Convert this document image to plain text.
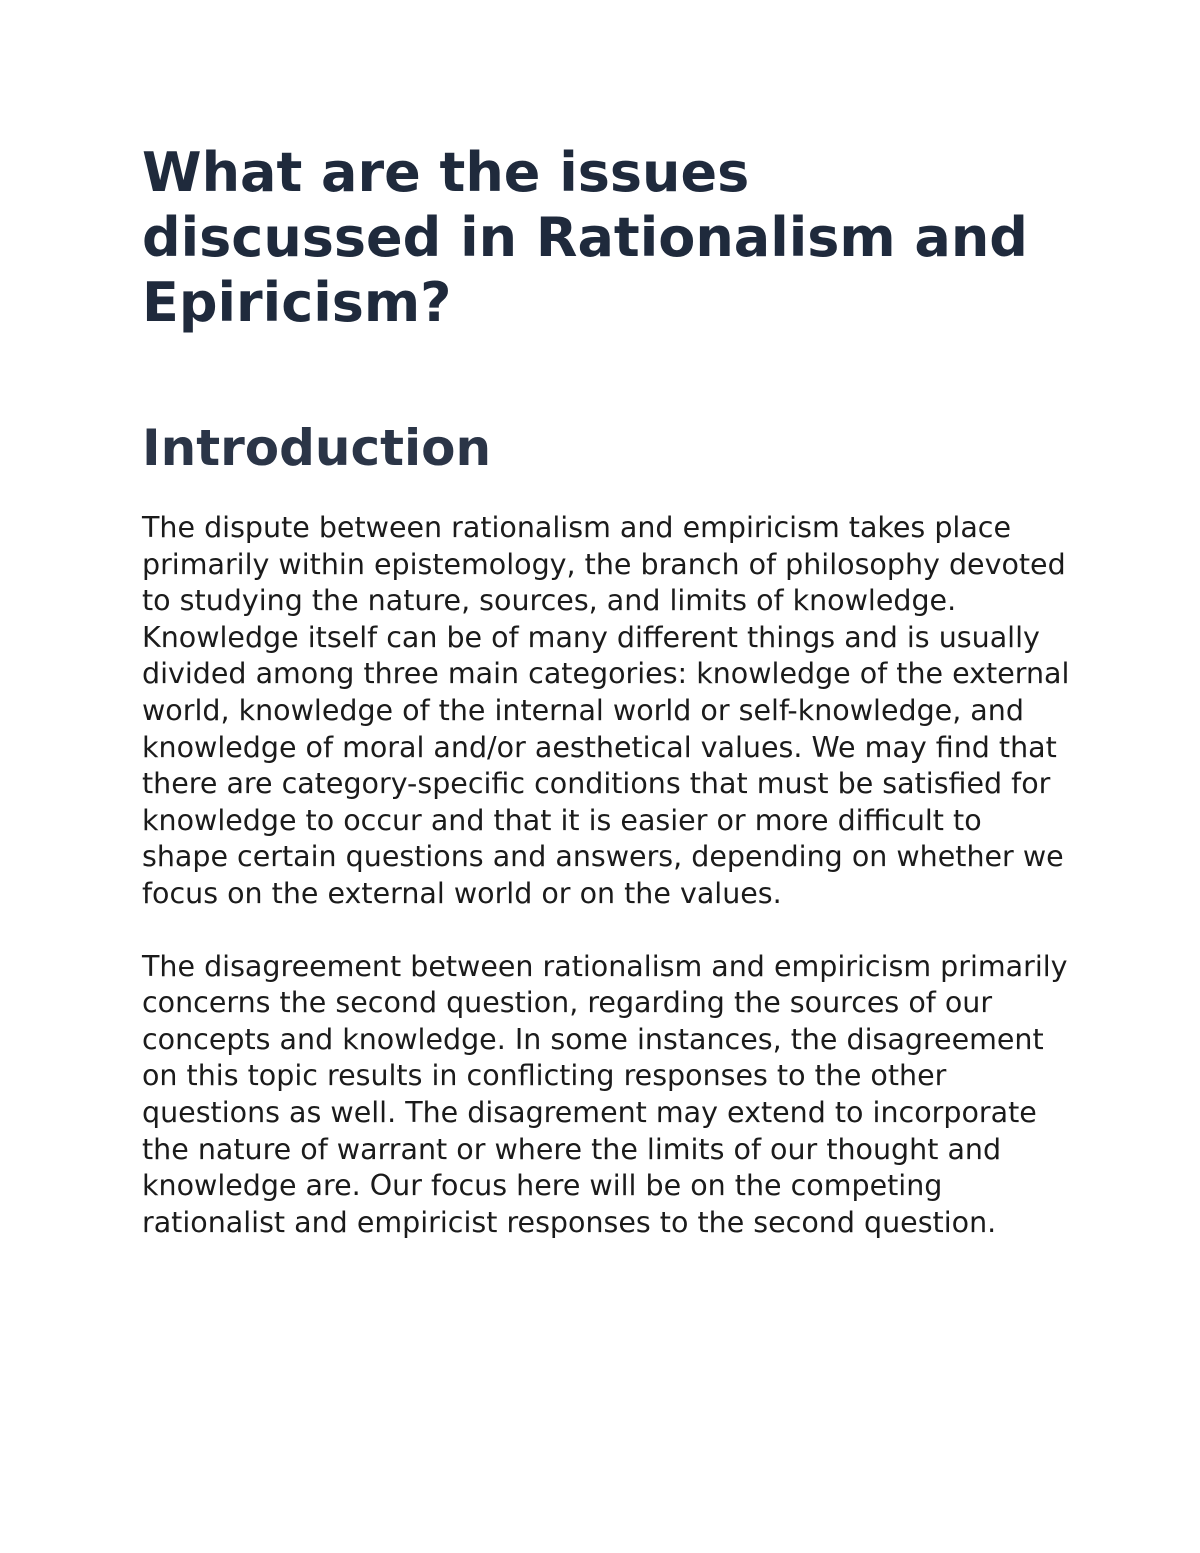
What are the issues discussed in Rationalism and Epiricism?
Introduction

The dispute between rationalism and empiricism takes place primarily within epistemology, the branch of philosophy devoted to studying the nature, sources, and limits of knowledge. Knowledge itself can be of many different things and is usually divided among three main categories: knowledge of the external world, knowledge of the internal world or self-knowledge, and knowledge of moral and/or aesthetical values. We may find that there are category-specific conditions that must be satisfied for knowledge to occur and that it is easier or more difficult to shape certain questions and answers, depending on whether we focus on the external world or on the values.

The disagreement between rationalism and empiricism primarily concerns the second question, regarding the sources of our concepts and knowledge. In some instances, the disagreement on this topic results in conflicting responses to the other questions as well. The disagrement may extend to incorporate the nature of warrant or where the limits of our thought and knowledge are. Our focus here will be on the competing rationalist and empiricist responses to the second question.
